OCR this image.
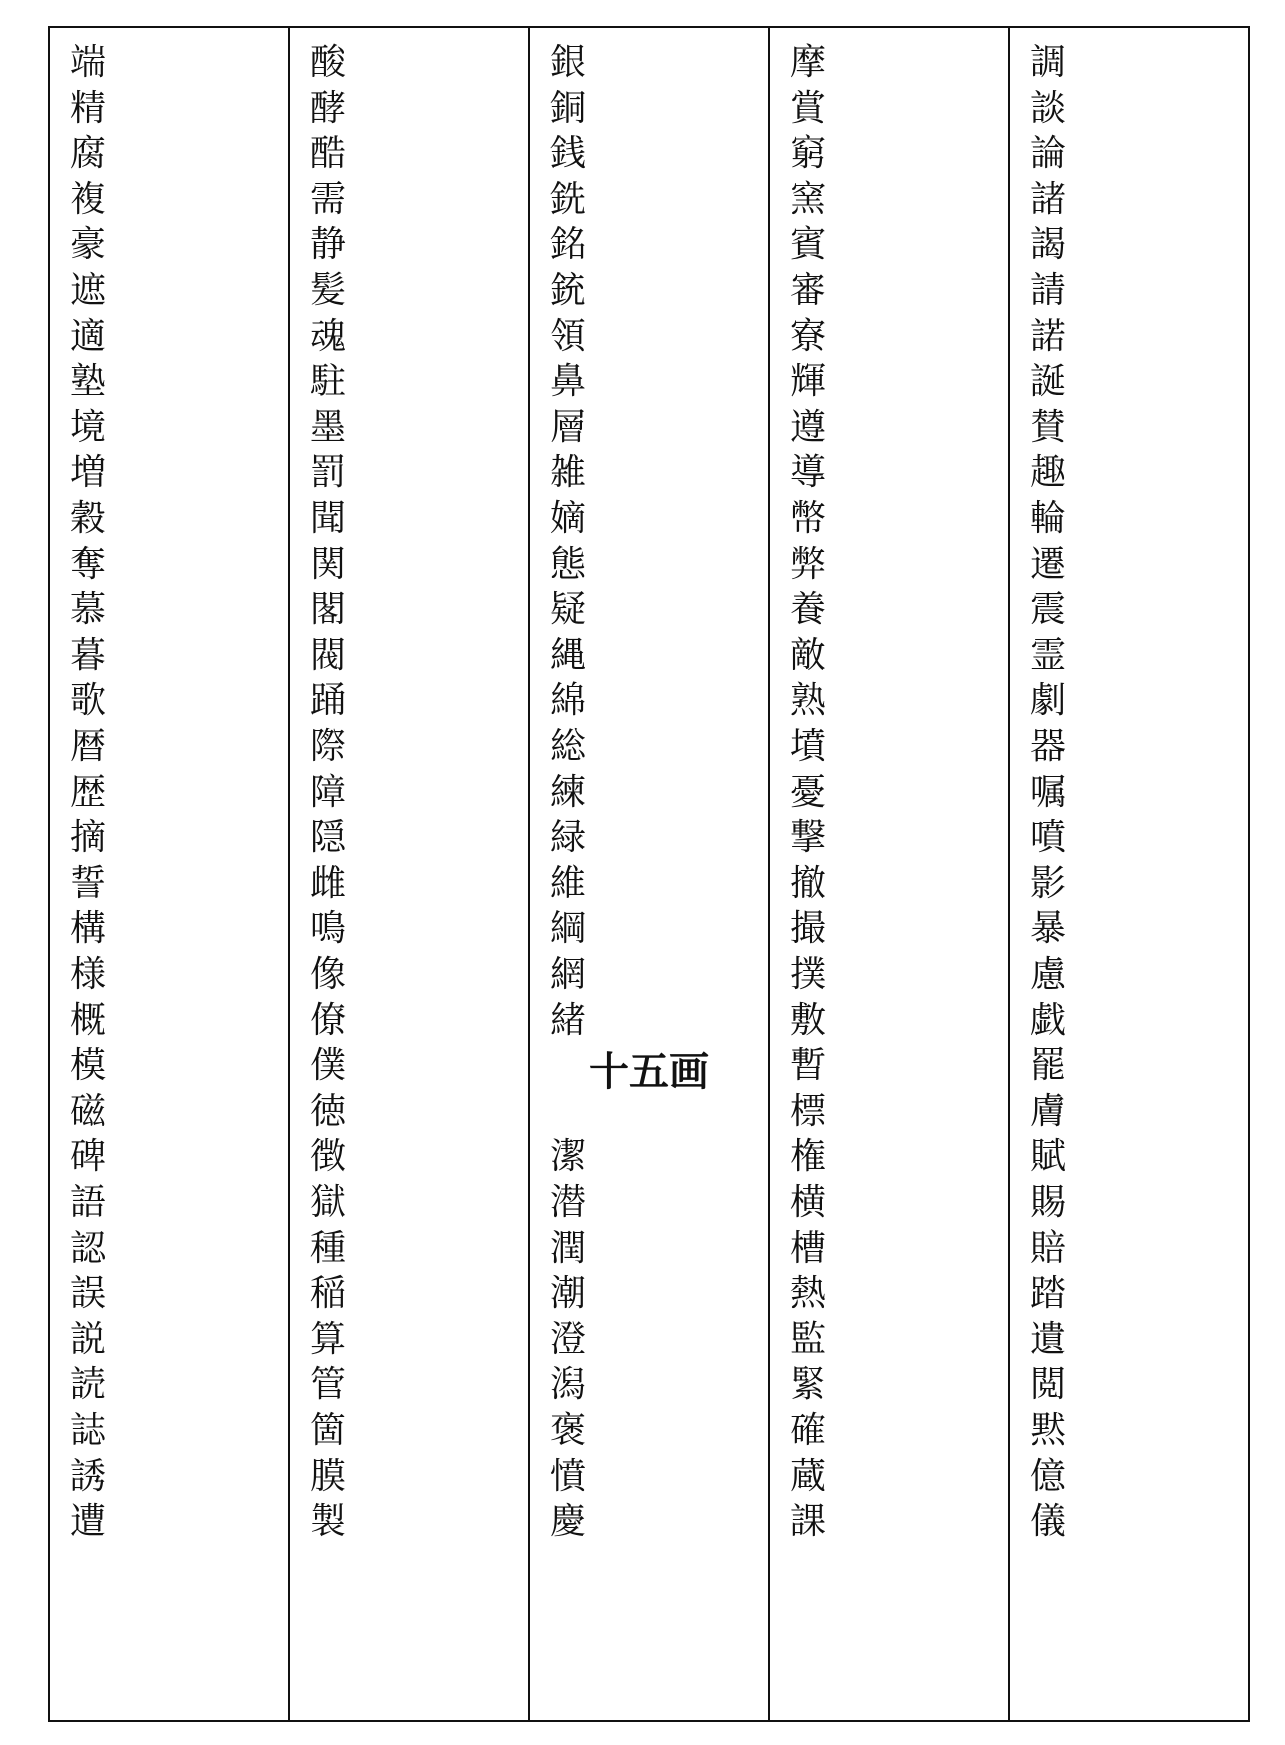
端
精
腐
複
豪
遮
適
塾
境
増
穀
奪
慕
暮
歌
暦
歴
摘
誓
構
様
概
模
磁
碑
語
認
誤
説
読
誌
誘
遭
酸
酵
酷
需
静
髪
魂
駐
墨
罰
聞
関
閣
閥
踊
際
障
隠
雌
鳴
像
僚
僕
徳
徴
獄
種
稲
算
管
箇
膜
製
銀
銅
銭
銑
銘
銃
領
鼻
層
雑
嫡
態
疑
縄
綿
総
練
緑
維
綱
網
緒
十五画
潔
潜
潤
潮
澄
潟
褒
憤
慶
摩
賞
窮
窯
賓
審
寮
輝
遵
導
幣
弊
養
敵
熟
墳
憂
撃
撤
撮
撲
敷
暫
標
権
横
槽
熱
監
緊
確
蔵
課
調
談
論
諸
謁
請
諾
誕
賛
趣
輪
遷
震
霊
劇
器
嘱
噴
影
暴
慮
戯
罷
膚
賦
賜
賠
踏
遺
閲
黙
億
儀
